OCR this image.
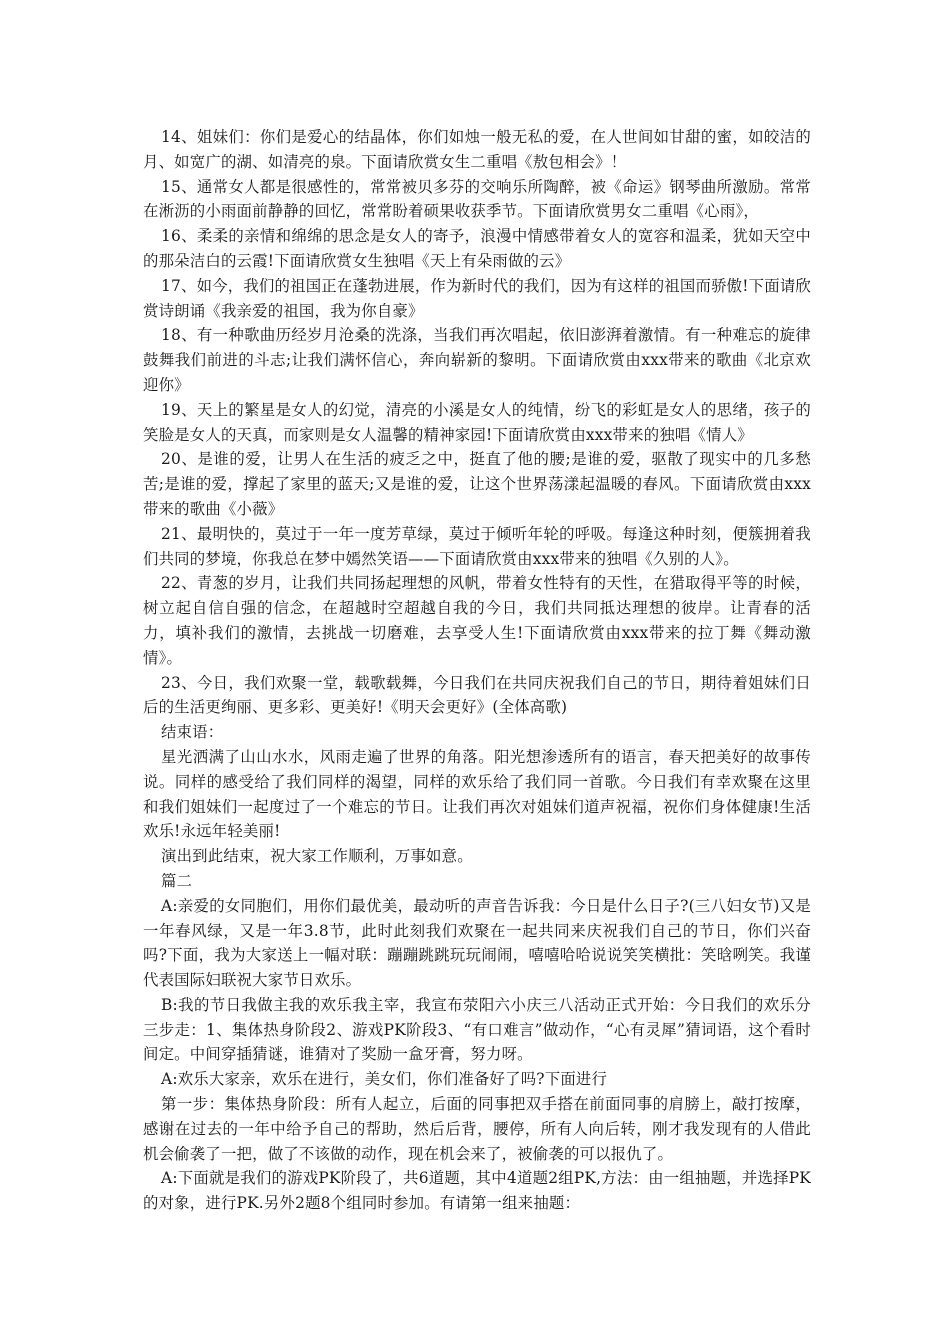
14、姐妹们：你们是爱心的结晶体，你们如烛一般无私的爱，在人世间如甘甜的蜜，如皎洁的月、如宽广的湖、如清亮的泉。下面请欣赏女生二重唱《敖包相会》！

15、通常女人都是很感性的，常常被贝多芬的交响乐所陶醉，被《命运》钢琴曲所激励。常常在淅沥的小雨面前静静的回忆，常常盼着硕果收获季节。下面请欣赏男女二重唱《心雨》，

16、柔柔的亲情和绵绵的思念是女人的寄予，浪漫中情感带着女人的宽容和温柔，犹如天空中的那朵洁白的云霞!下面请欣赏女生独唱《天上有朵雨做的云》

17、如今，我们的祖国正在蓬勃进展，作为新时代的我们，因为有这样的祖国而骄傲!下面请欣赏诗朗诵《我亲爱的祖国，我为你自豪》

18、有一种歌曲历经岁月沧桑的洗涤，当我们再次唱起，依旧澎湃着激情。有一种难忘的旋律鼓舞我们前进的斗志;让我们满怀信心，奔向崭新的黎明。下面请欣赏由xxx带来的歌曲《北京欢迎你》

19、天上的繁星是女人的幻觉，清亮的小溪是女人的纯情，纷飞的彩虹是女人的思绪，孩子的笑脸是女人的天真，而家则是女人温馨的精神家园!下面请欣赏由xxx带来的独唱《情人》

20、是谁的爱，让男人在生活的疲乏之中，挺直了他的腰;是谁的爱，驱散了现实中的几多愁苦;是谁的爱，撑起了家里的蓝天;又是谁的爱，让这个世界荡漾起温暖的春风。下面请欣赏由xxx带来的歌曲《小薇》

21、最明快的，莫过于一年一度芳草绿，莫过于倾听年轮的呼吸。每逢这种时刻，便簇拥着我们共同的梦境，你我总在梦中嫣然笑语——下面请欣赏由xxx带来的独唱《久别的人》。

22、青葱的岁月，让我们共同扬起理想的风帆，带着女性特有的天性，在猎取得平等的时候，树立起自信自强的信念，在超越时空超越自我的今日，我们共同抵达理想的彼岸。让青春的活力，填补我们的激情，去挑战一切磨难，去享受人生!下面请欣赏由xxx带来的拉丁舞《舞动激情》。

23、今日，我们欢聚一堂，载歌载舞，今日我们在共同庆祝我们自己的节日，期待着姐妹们日后的生活更绚丽、更多彩、更美好!《明天会更好》(全体高歌)

结束语：

星光洒满了山山水水，风雨走遍了世界的角落。阳光想渗透所有的语言，春天把美好的故事传说。同样的感受给了我们同样的渴望，同样的欢乐给了我们同一首歌。今日我们有幸欢聚在这里和我们姐妹们一起度过了一个难忘的节日。让我们再次对姐妹们道声祝福，祝你们身体健康!生活欢乐!永远年轻美丽!

演出到此结束，祝大家工作顺利，万事如意。

篇二

A:亲爱的女同胞们，用你们最优美，最动听的声音告诉我：今日是什么日子?(三八妇女节)又是一年春风绿，又是一年3.8节，此时此刻我们欢聚在一起共同来庆祝我们自己的节日，你们兴奋吗?下面，我为大家送上一幅对联：蹦蹦跳跳玩玩闹闹，嘻嘻哈哈说说笑笑横批：笑晗咧笑。我谨代表国际妇联祝大家节日欢乐。

B:我的节日我做主我的欢乐我主宰，我宣布荥阳六小庆三八活动正式开始：今日我们的欢乐分三步走：1、集体热身阶段2、游戏PK阶段3、“有口难言”做动作，“心有灵犀”猜词语，这个看时间定。中间穿插猜谜，谁猜对了奖励一盒牙膏，努力呀。

A:欢乐大家亲，欢乐在进行，美女们，你们准备好了吗?下面进行

第一步：集体热身阶段：所有人起立，后面的同事把双手搭在前面同事的肩膀上，敲打按摩，感谢在过去的一年中给予自己的帮助，然后后背，腰停，所有人向后转，刚才我发现有的人借此机会偷袭了一把，做了不该做的动作，现在机会来了，被偷袭的可以报仇了。

A:下面就是我们的游戏PK阶段了，共6道题，其中4道题2组PK,方法：由一组抽题，并选择PK的对象，进行PK.另外2题8个组同时参加。有请第一组来抽题：
